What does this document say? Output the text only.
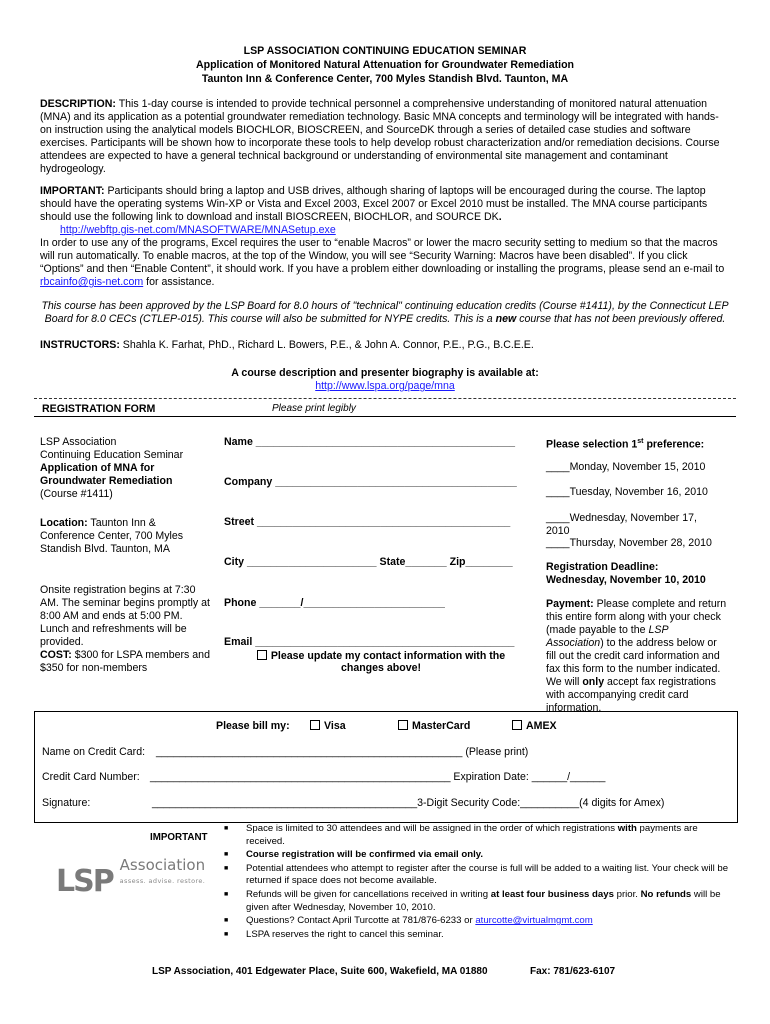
LSP ASSOCIATION CONTINUING EDUCATION SEMINAR
Application of Monitored Natural Attenuation for Groundwater Remediation
Taunton Inn & Conference Center, 700 Myles Standish Blvd. Taunton, MA
DESCRIPTION: This 1-day course is intended to provide technical personnel a comprehensive understanding of monitored natural attenuation (MNA) and its application as a potential groundwater remediation technology. Basic MNA concepts and terminology will be integrated with hands-on instruction using the analytical models BIOCHLOR, BIOSCREEN, and SourceDK through a series of detailed case studies and software exercises. Participants will be shown how to incorporate these tools to help develop robust characterization and/or remediation decisions. Course attendees are expected to have a general technical background or understanding of environmental site management and contaminant hydrogeology.
IMPORTANT: Participants should bring a laptop and USB drives, although sharing of laptops will be encouraged during the course. The laptop should have the operating systems Win-XP or Vista and Excel 2003, Excel 2007 or Excel 2010 must be installed. The MNA course participants should use the following link to download and install BIOSCREEN, BIOCHLOR, and SOURCE DK.
http://webftp.gis-net.com/MNASOFTWARE/MNASetup.exe
In order to use any of the programs, Excel requires the user to “enable Macros” or lower the macro security setting to medium so that the macros will run automatically. To enable macros, at the top of the Window, you will see “Security Warning: Macros have been disabled”. If you click “Options” and then “Enable Content”, it should work. If you have a problem either downloading or installing the programs, please send an e-mail to rbcainfo@gis-net.com for assistance.
This course has been approved by the LSP Board for 8.0 hours of "technical" continuing education credits (Course #1411), by the Connecticut LEP Board for 8.0 CECs (CTLEP-015). This course will also be submitted for NYPE credits. This is a new course that has not been previously offered.
INSTRUCTORS: Shahla K. Farhat, PhD., Richard L. Bowers, P.E., & John A. Connor, P.E., P.G., B.C.E.E.
A course description and presenter biography is available at:
http://www.lspa.org/page/mna
REGISTRATION FORM	Please print legibly
LSP Association
Continuing Education Seminar
Application of MNA for Groundwater Remediation
(Course #1411)
Location: Taunton Inn & Conference Center, 700 Myles Standish Blvd. Taunton, MA
Onsite registration begins at 7:30 AM. The seminar begins promptly at 8:00 AM and ends at 5:00 PM. Lunch and refreshments will be provided.
COST: $300 for LSPA members and $350 for non-members
Name ____________________________________________
Company _________________________________________
Street ___________________________________________
City ______________________ State_______ Zip________
Phone _______/________________________
Email ____________________________________________
Please update my contact information with the changes above!
Please selection 1st preference:
____Monday, November 15, 2010
____Tuesday, November 16, 2010
____Wednesday, November 17, 2010
____Thursday, November 28, 2010
Registration Deadline:
Wednesday, November 10, 2010
Payment: Please complete and return this entire form along with your check (made payable to the LSP Association) to the address below or fill out the credit card information and fax this form to the number indicated. We will only accept fax registrations with accompanying credit card information.
Please bill my:	Visa	MasterCard	AMEX
Name on Credit Card: ____________________________________________________ (Please print)
Credit Card Number: ___________________________________________________ Expiration Date: ______/______
Signature:	_____________________________________________3-Digit Security Code:__________(4 digits for Amex)
IMPORTANT
LSP Association
assess. advise. restore.
■ Space is limited to 30 attendees and will be assigned in the order of which registrations with payments are received.
■ Course registration will be confirmed via email only.
■ Potential attendees who attempt to register after the course is full will be added to a waiting list. Your check will be returned if space does not become available.
■ Refunds will be given for cancellations received in writing at least four business days prior. No refunds will be given after Wednesday, November 10, 2010.
■ Questions? Contact April Turcotte at 781/876-6233 or aturcotte@virtualmgmt.com
■ LSPA reserves the right to cancel this seminar.
LSP Association, 401 Edgewater Place, Suite 600, Wakefield, MA 01880	Fax: 781/623-6107
